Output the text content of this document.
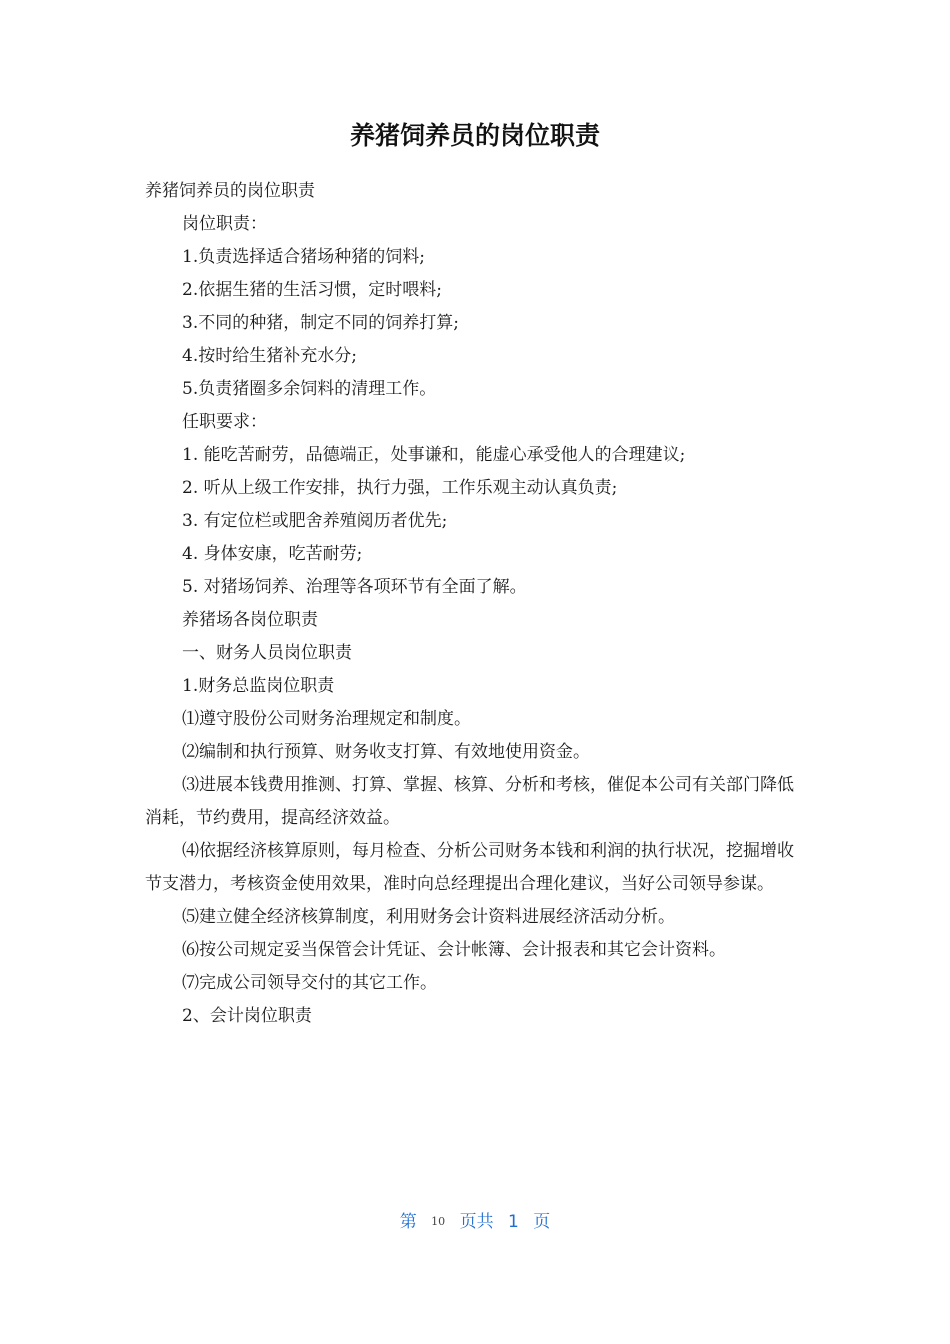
养猪饲养员的岗位职责

养猪饲养员的岗位职责

岗位职责：

1.负责选择适合猪场种猪的饲料;

2.依据生猪的生活习惯，定时喂料;

3.不同的种猪，制定不同的饲养打算;

4.按时给生猪补充水分;

5.负责猪圈多余饲料的清理工作。

任职要求：

1. 能吃苦耐劳，品德端正，处事谦和，能虚心承受他人的合理建议;

2. 听从上级工作安排，执行力强，工作乐观主动认真负责;

3. 有定位栏或肥舍养殖阅历者优先;

4. 身体安康，吃苦耐劳;

5. 对猪场饲养、治理等各项环节有全面了解。

养猪场各岗位职责

一、财务人员岗位职责

1.财务总监岗位职责

⑴遵守股份公司财务治理规定和制度。

⑵编制和执行预算、财务收支打算、有效地使用资金。

⑶进展本钱费用推测、打算、掌握、核算、分析和考核，催促本公司有关部门降低消耗，节约费用，提高经济效益。

⑷依据经济核算原则，每月检查、分析公司财务本钱和利润的执行状况，挖掘增收节支潜力，考核资金使用效果，准时向总经理提出合理化建议，当好公司领导参谋。

⑸建立健全经济核算制度，利用财务会计资料进展经济活动分析。

⑹按公司规定妥当保管会计凭证、会计帐簿、会计报表和其它会计资料。

⑺完成公司领导交付的其它工作。

2、会计岗位职责

第 10 页共 1 页
